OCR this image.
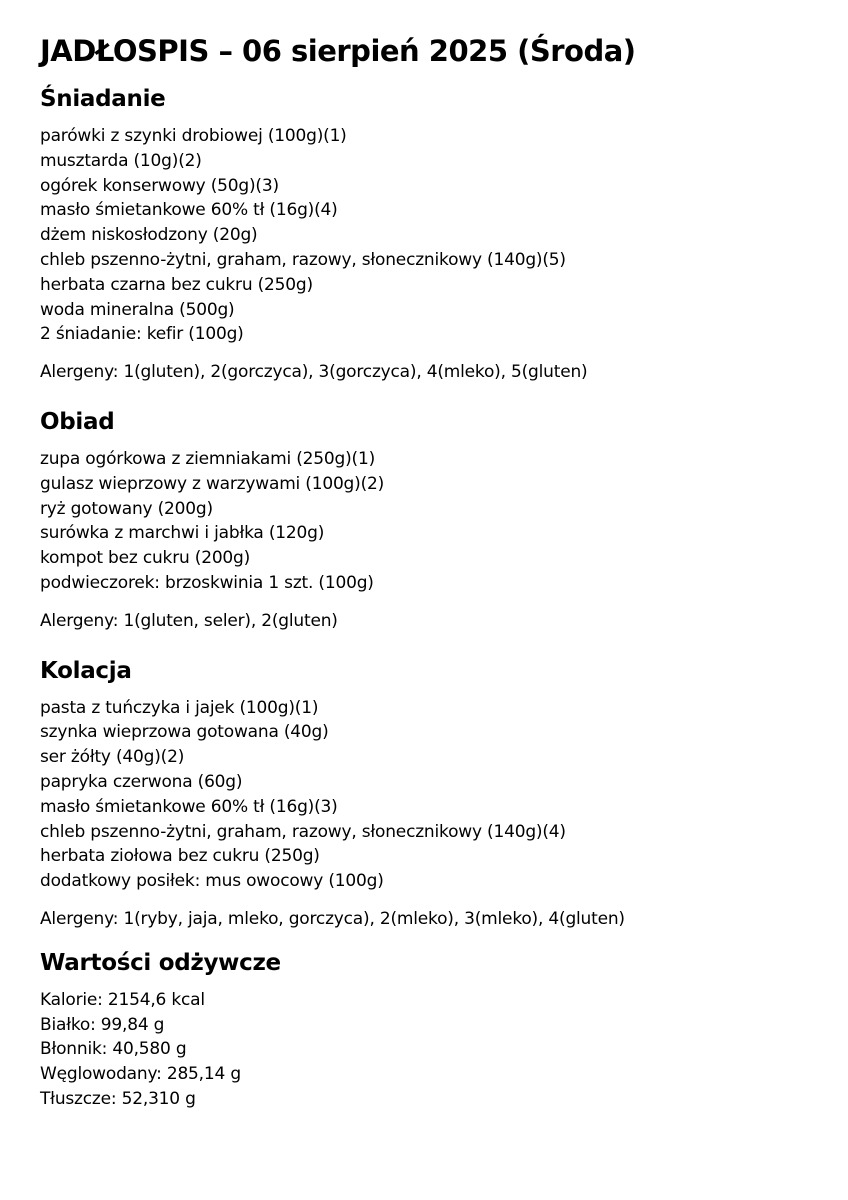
JADŁOSPIS – 06 sierpień 2025 (Środa)
Śniadanie
parówki z szynki drobiowej (100g)(1)
musztarda (10g)(2)
ogórek konserwowy (50g)(3)
masło śmietankowe 60% tł (16g)(4)
dżem niskosłodzony (20g)
chleb pszenno-żytni, graham, razowy, słonecznikowy (140g)(5)
herbata czarna bez cukru (250g)
woda mineralna (500g)
2 śniadanie: kefir (100g)

Alergeny: 1(gluten), 2(gorczyca), 3(gorczyca), 4(mleko), 5(gluten)

Obiad
zupa ogórkowa z ziemniakami (250g)(1)
gulasz wieprzowy z warzywami (100g)(2)
ryż gotowany (200g)
surówka z marchwi i jabłka (120g)
kompot bez cukru (200g)
podwieczorek: brzoskwinia 1 szt. (100g)

Alergeny: 1(gluten, seler), 2(gluten)

Kolacja
pasta z tuńczyka i jajek (100g)(1)
szynka wieprzowa gotowana (40g)
ser żółty (40g)(2)
papryka czerwona (60g)
masło śmietankowe 60% tł (16g)(3)
chleb pszenno-żytni, graham, razowy, słonecznikowy (140g)(4)
herbata ziołowa bez cukru (250g)
dodatkowy posiłek: mus owocowy (100g)

Alergeny: 1(ryby, jaja, mleko, gorczyca), 2(mleko), 3(mleko), 4(gluten)

Wartości odżywcze
Kalorie: 2154,6 kcal
Białko: 99,84 g
Błonnik: 40,580 g
Węglowodany: 285,14 g
Tłuszcze: 52,310 g
